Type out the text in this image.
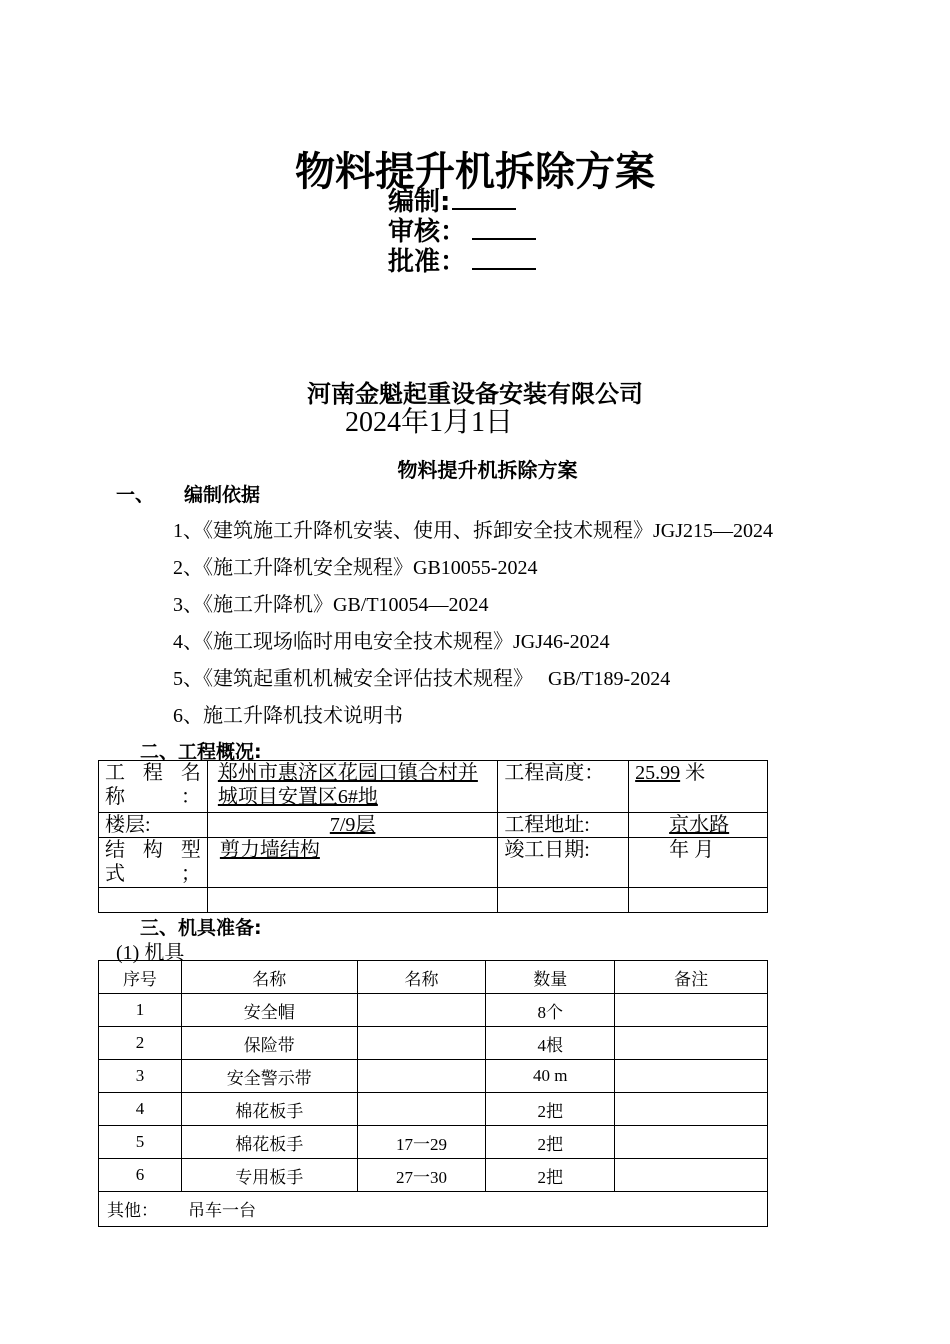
物料提升机拆除方案
编制:
审核：
批准：
河南金魁起重设备安装有限公司
2024年1月1日
物料提升机拆除方案
一、 编制依据
1、《建筑施工升降机安装、使用、拆卸安全技术规程》JGJ215—2024
2、《施工升降机安全规程》GB10055-2024
3、《施工升降机》GB/T10054—2024
4、《施工现场临时用电安全技术规程》JGJ46-2024
5、《建筑起重机机械安全评估技术规程》　 GB/T189-2024
6、施工升降机技术说明书
二、工程概况:
工 程 名称：	郑州市惠济区花园口镇合村并城项目安置区6#地	工程高度：	25.99 米
楼层:	7/9层	工程地址:	京水路
结 构 型式；	剪力墙结构	竣工日期:	年 月

三、机具准备:
(1) 机具
序号	名称	名称	数量	备注
1	安全帽		8个	
2	保险带		4根	
3	安全警示带		40 m	
4	棉花板手		2把	
5	棉花板手	17一29	2把	
6	专用板手	27一30	2把	
其他： 吊车一台				
